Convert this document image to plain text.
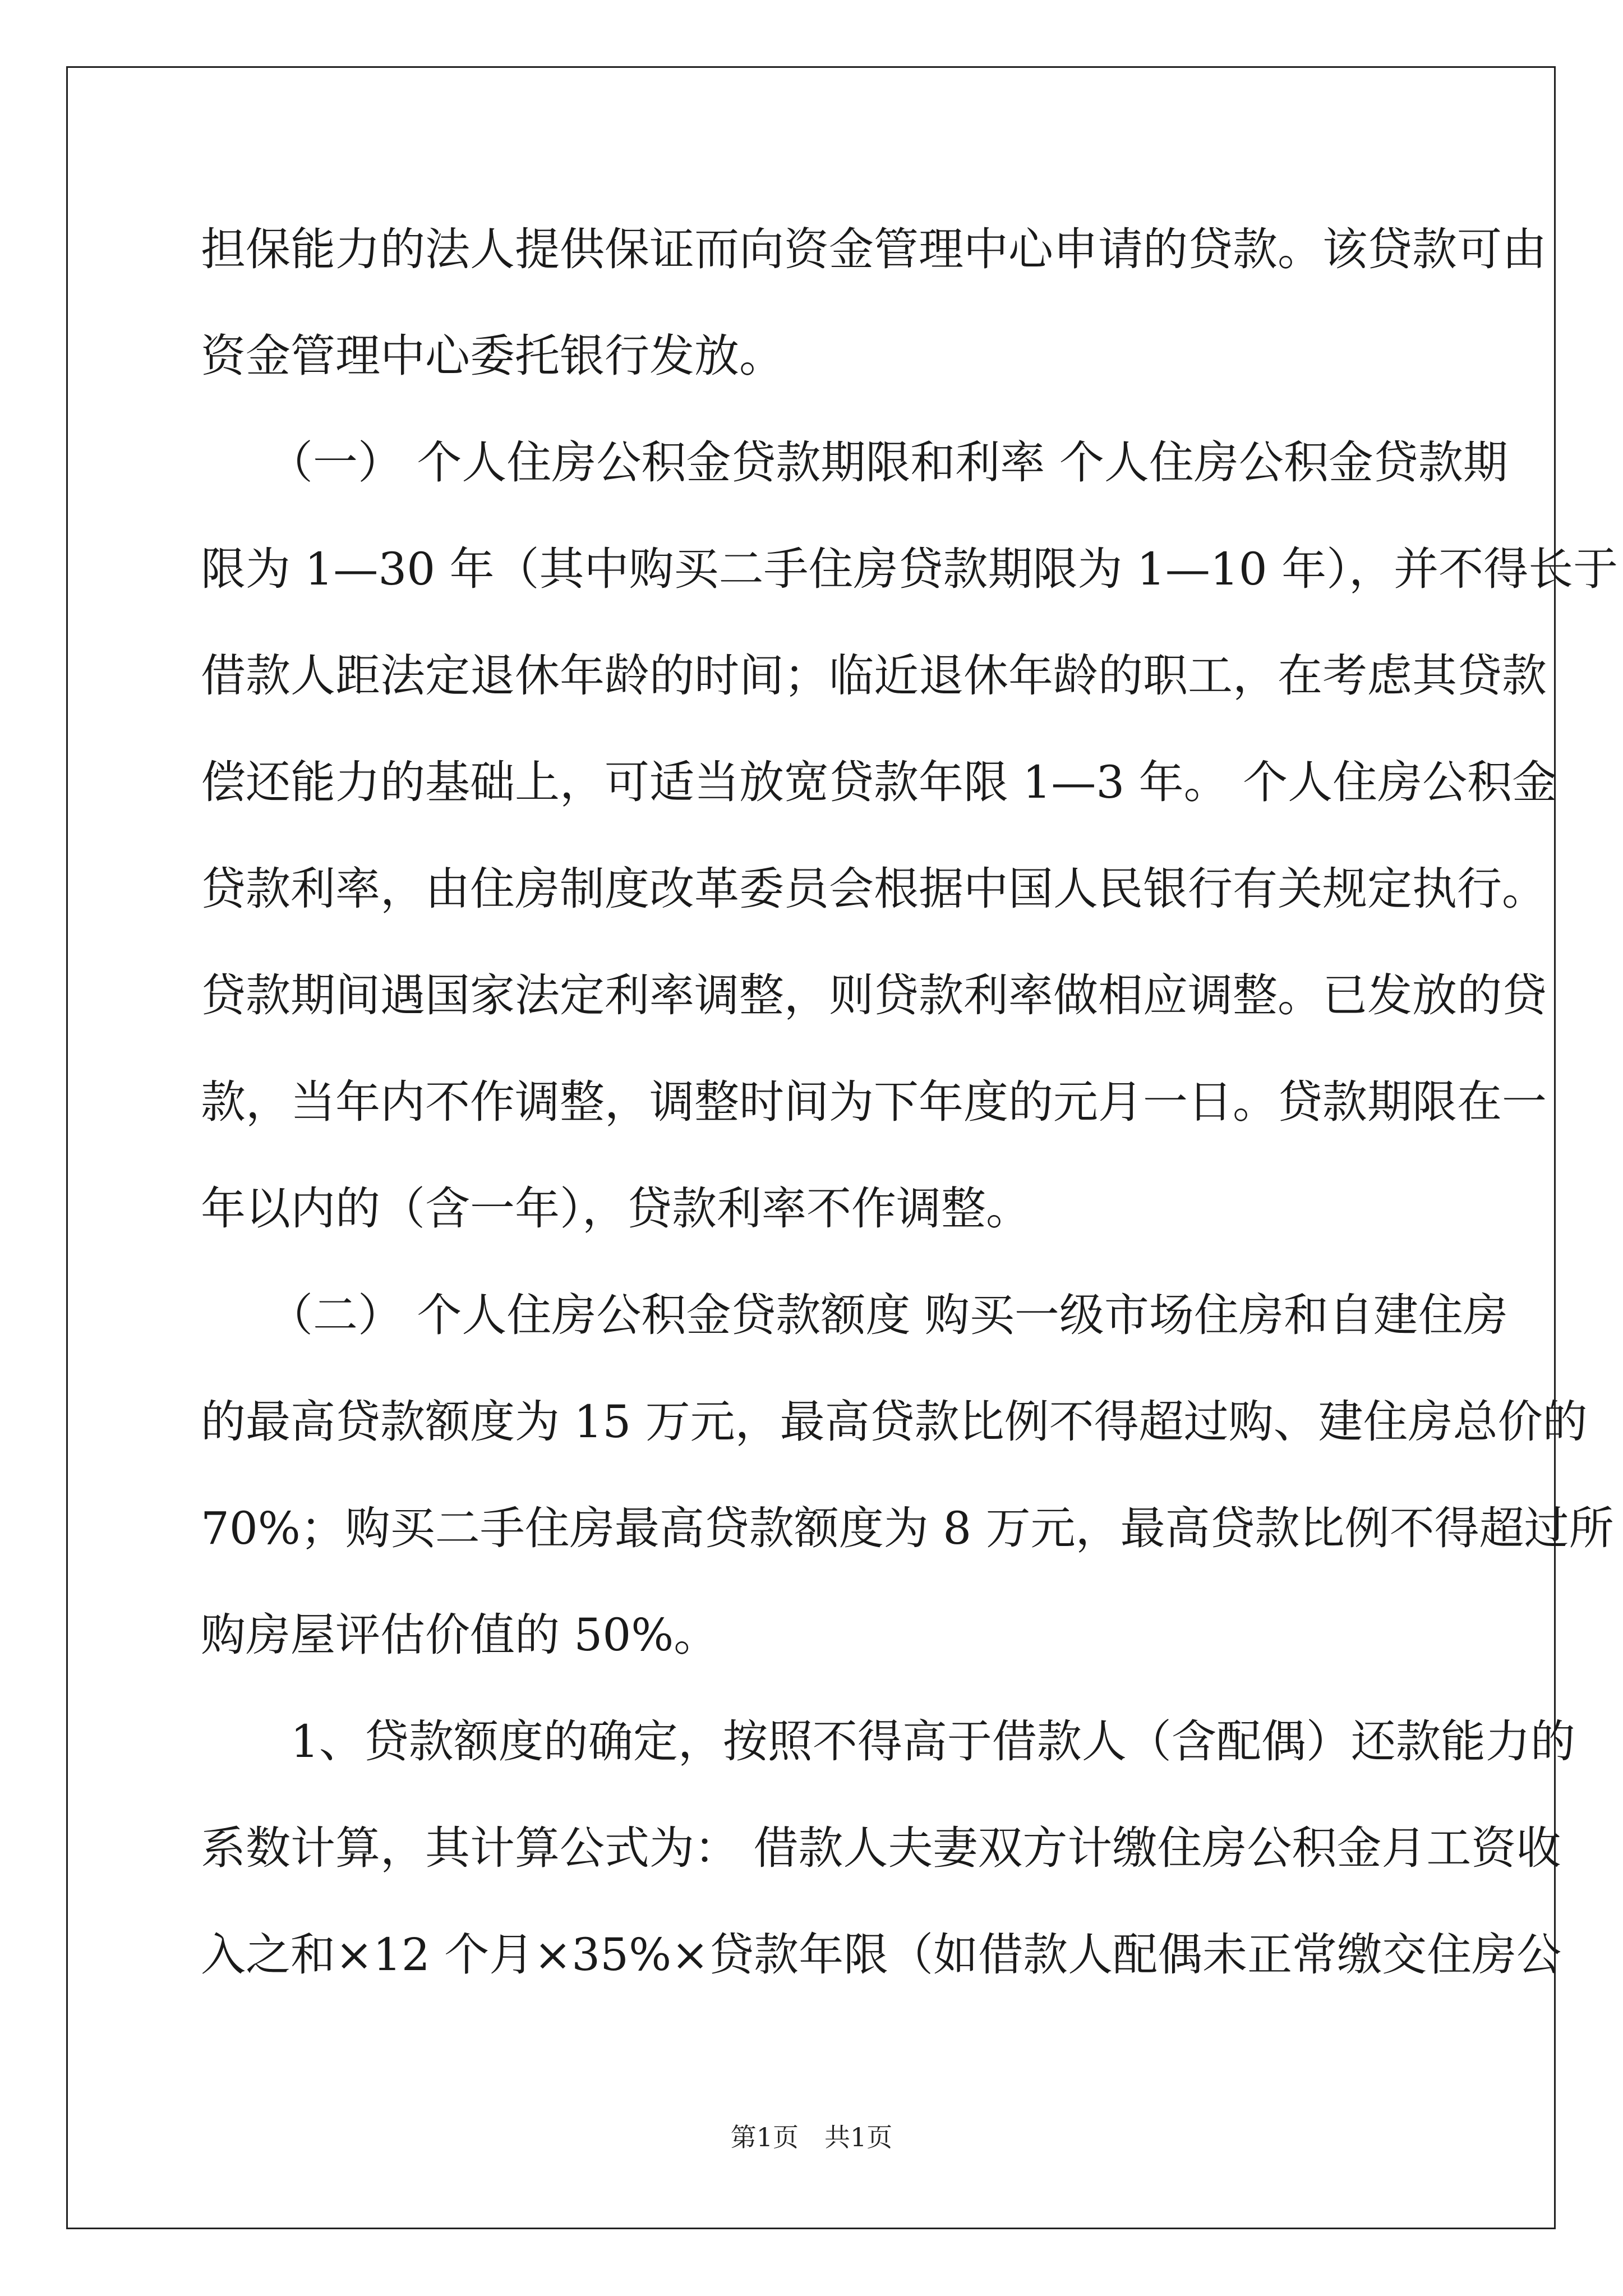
担保能力的法人提供保证而向资金管理中心申请的贷款。该贷款可由
资金管理中心委托银行发放。
　　（一） 个人住房公积金贷款期限和利率 个人住房公积金贷款期
限为 1—30 年（其中购买二手住房贷款期限为 1—10 年），并不得长于
借款人距法定退休年龄的时间；临近退休年龄的职工，在考虑其贷款
偿还能力的基础上，可适当放宽贷款年限 1—3 年。 个人住房公积金
贷款利率，由住房制度改革委员会根据中国人民银行有关规定执行。
贷款期间遇国家法定利率调整，则贷款利率做相应调整。已发放的贷
款，当年内不作调整，调整时间为下年度的元月一日。贷款期限在一
年以内的（含一年），贷款利率不作调整。
　　（二） 个人住房公积金贷款额度 购买一级市场住房和自建住房
的最高贷款额度为 15 万元，最高贷款比例不得超过购、建住房总价的
70%；购买二手住房最高贷款额度为 8 万元，最高贷款比例不得超过所
购房屋评估价值的 50%。
　　1、贷款额度的确定，按照不得高于借款人（含配偶）还款能力的
系数计算，其计算公式为： 借款人夫妻双方计缴住房公积金月工资收
入之和×12 个月×35%×贷款年限（如借款人配偶未正常缴交住房公
第1页　共1页
